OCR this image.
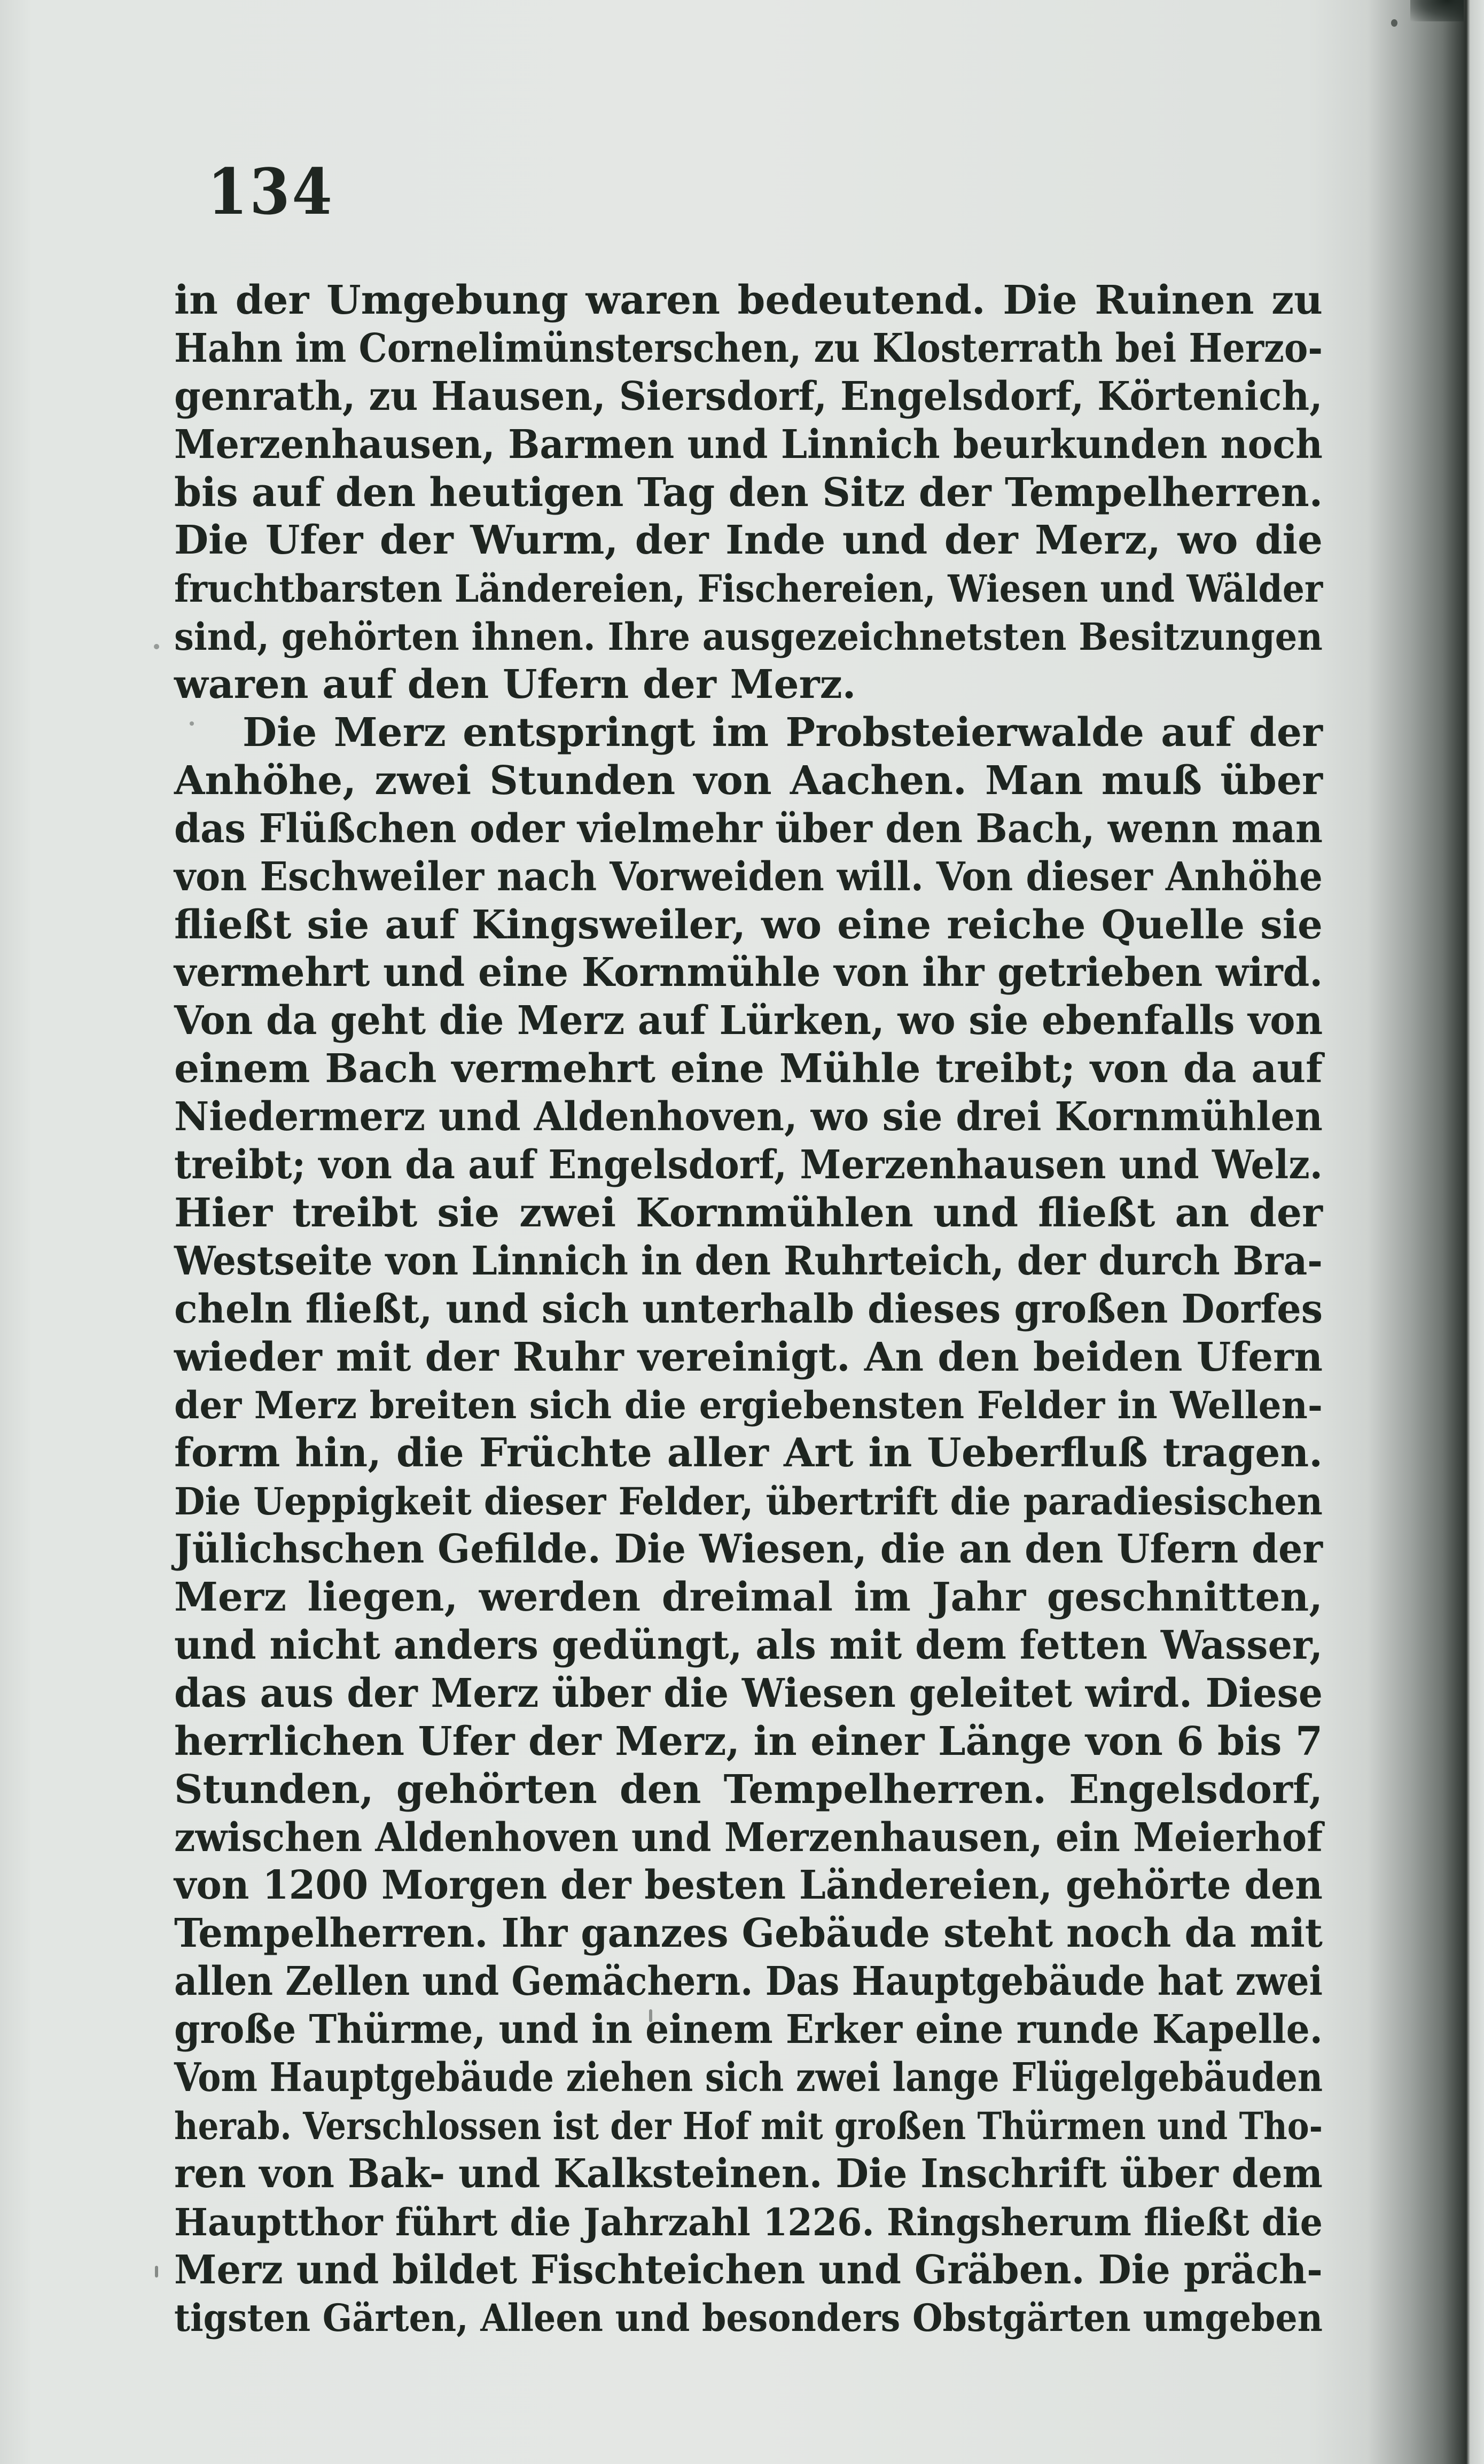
134
in der Umgebung waren bedeutend. Die Ruinen zu
Hahn im Cornelimünsterschen, zu Klosterrath bei Herzo-
genrath, zu Hausen, Siersdorf, Engelsdorf, Körtenich,
Merzenhausen, Barmen und Linnich beurkunden noch
bis auf den heutigen Tag den Sitz der Tempelherren.
Die Ufer der Wurm, der Inde und der Merz, wo die
fruchtbarsten Ländereien, Fischereien, Wiesen und Wälder
sind, gehörten ihnen. Ihre ausgezeichnetsten Besitzungen
waren auf den Ufern der Merz.
Die Merz entspringt im Probsteierwalde auf der
Anhöhe, zwei Stunden von Aachen. Man muß über
das Flüßchen oder vielmehr über den Bach, wenn man
von Eschweiler nach Vorweiden will. Von dieser Anhöhe
fließt sie auf Kingsweiler, wo eine reiche Quelle sie
vermehrt und eine Kornmühle von ihr getrieben wird.
Von da geht die Merz auf Lürken, wo sie ebenfalls von
einem Bach vermehrt eine Mühle treibt; von da auf
Niedermerz und Aldenhoven, wo sie drei Kornmühlen
treibt; von da auf Engelsdorf, Merzenhausen und Welz.
Hier treibt sie zwei Kornmühlen und fließt an der
Westseite von Linnich in den Ruhrteich, der durch Bra-
cheln fließt, und sich unterhalb dieses großen Dorfes
wieder mit der Ruhr vereinigt. An den beiden Ufern
der Merz breiten sich die ergiebensten Felder in Wellen-
form hin, die Früchte aller Art in Ueberfluß tragen.
Die Ueppigkeit dieser Felder, übertrift die paradiesischen
Jülichschen Gefilde. Die Wiesen, die an den Ufern der
Merz liegen, werden dreimal im Jahr geschnitten,
und nicht anders gedüngt, als mit dem fetten Wasser,
das aus der Merz über die Wiesen geleitet wird. Diese
herrlichen Ufer der Merz, in einer Länge von 6 bis 7
Stunden, gehörten den Tempelherren. Engelsdorf,
zwischen Aldenhoven und Merzenhausen, ein Meierhof
von 1200 Morgen der besten Ländereien, gehörte den
Tempelherren. Ihr ganzes Gebäude steht noch da mit
allen Zellen und Gemächern. Das Hauptgebäude hat zwei
große Thürme, und in einem Erker eine runde Kapelle.
Vom Hauptgebäude ziehen sich zwei lange Flügelgebäuden
herab. Verschlossen ist der Hof mit großen Thürmen und Tho-
ren von Bak- und Kalksteinen. Die Inschrift über dem
Hauptthor führt die Jahrzahl 1226. Ringsherum fließt die
Merz und bildet Fischteichen und Gräben. Die präch-
tigsten Gärten, Alleen und besonders Obstgärten umgeben
